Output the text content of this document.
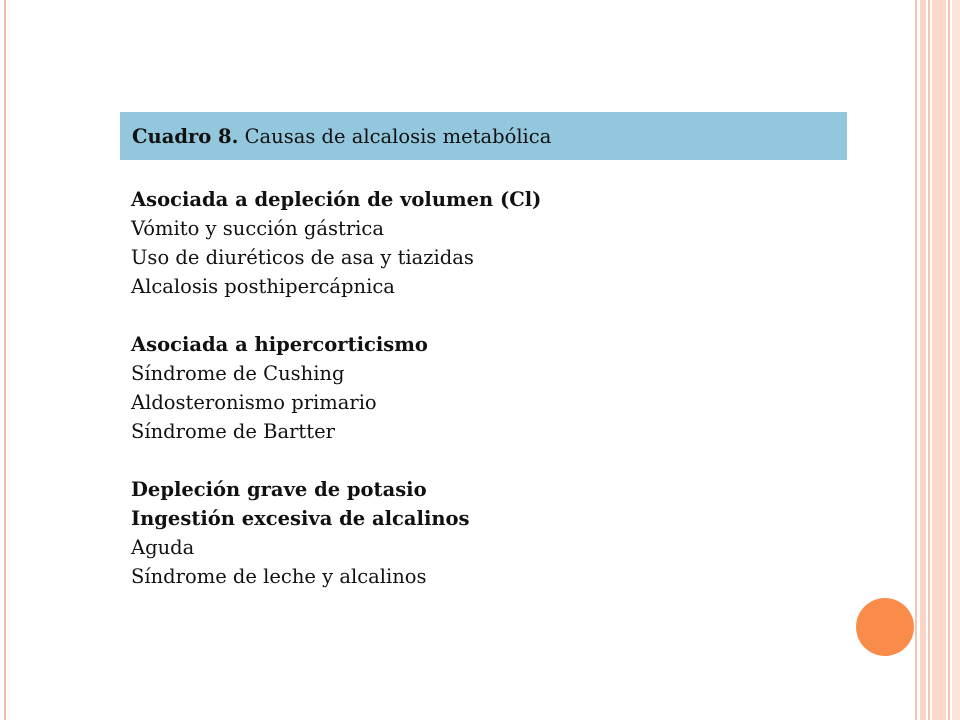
Cuadro 8. Causas de alcalosis metabólica
Asociada a depleción de volumen (Cl)
Vómito y succión gástrica
Uso de diuréticos de asa y tiazidas
Alcalosis posthipercápnica
Asociada a hipercorticismo
Síndrome de Cushing
Aldosteronismo primario
Síndrome de Bartter
Depleción grave de potasio
Ingestión excesiva de alcalinos
Aguda
Síndrome de leche y alcalinos
